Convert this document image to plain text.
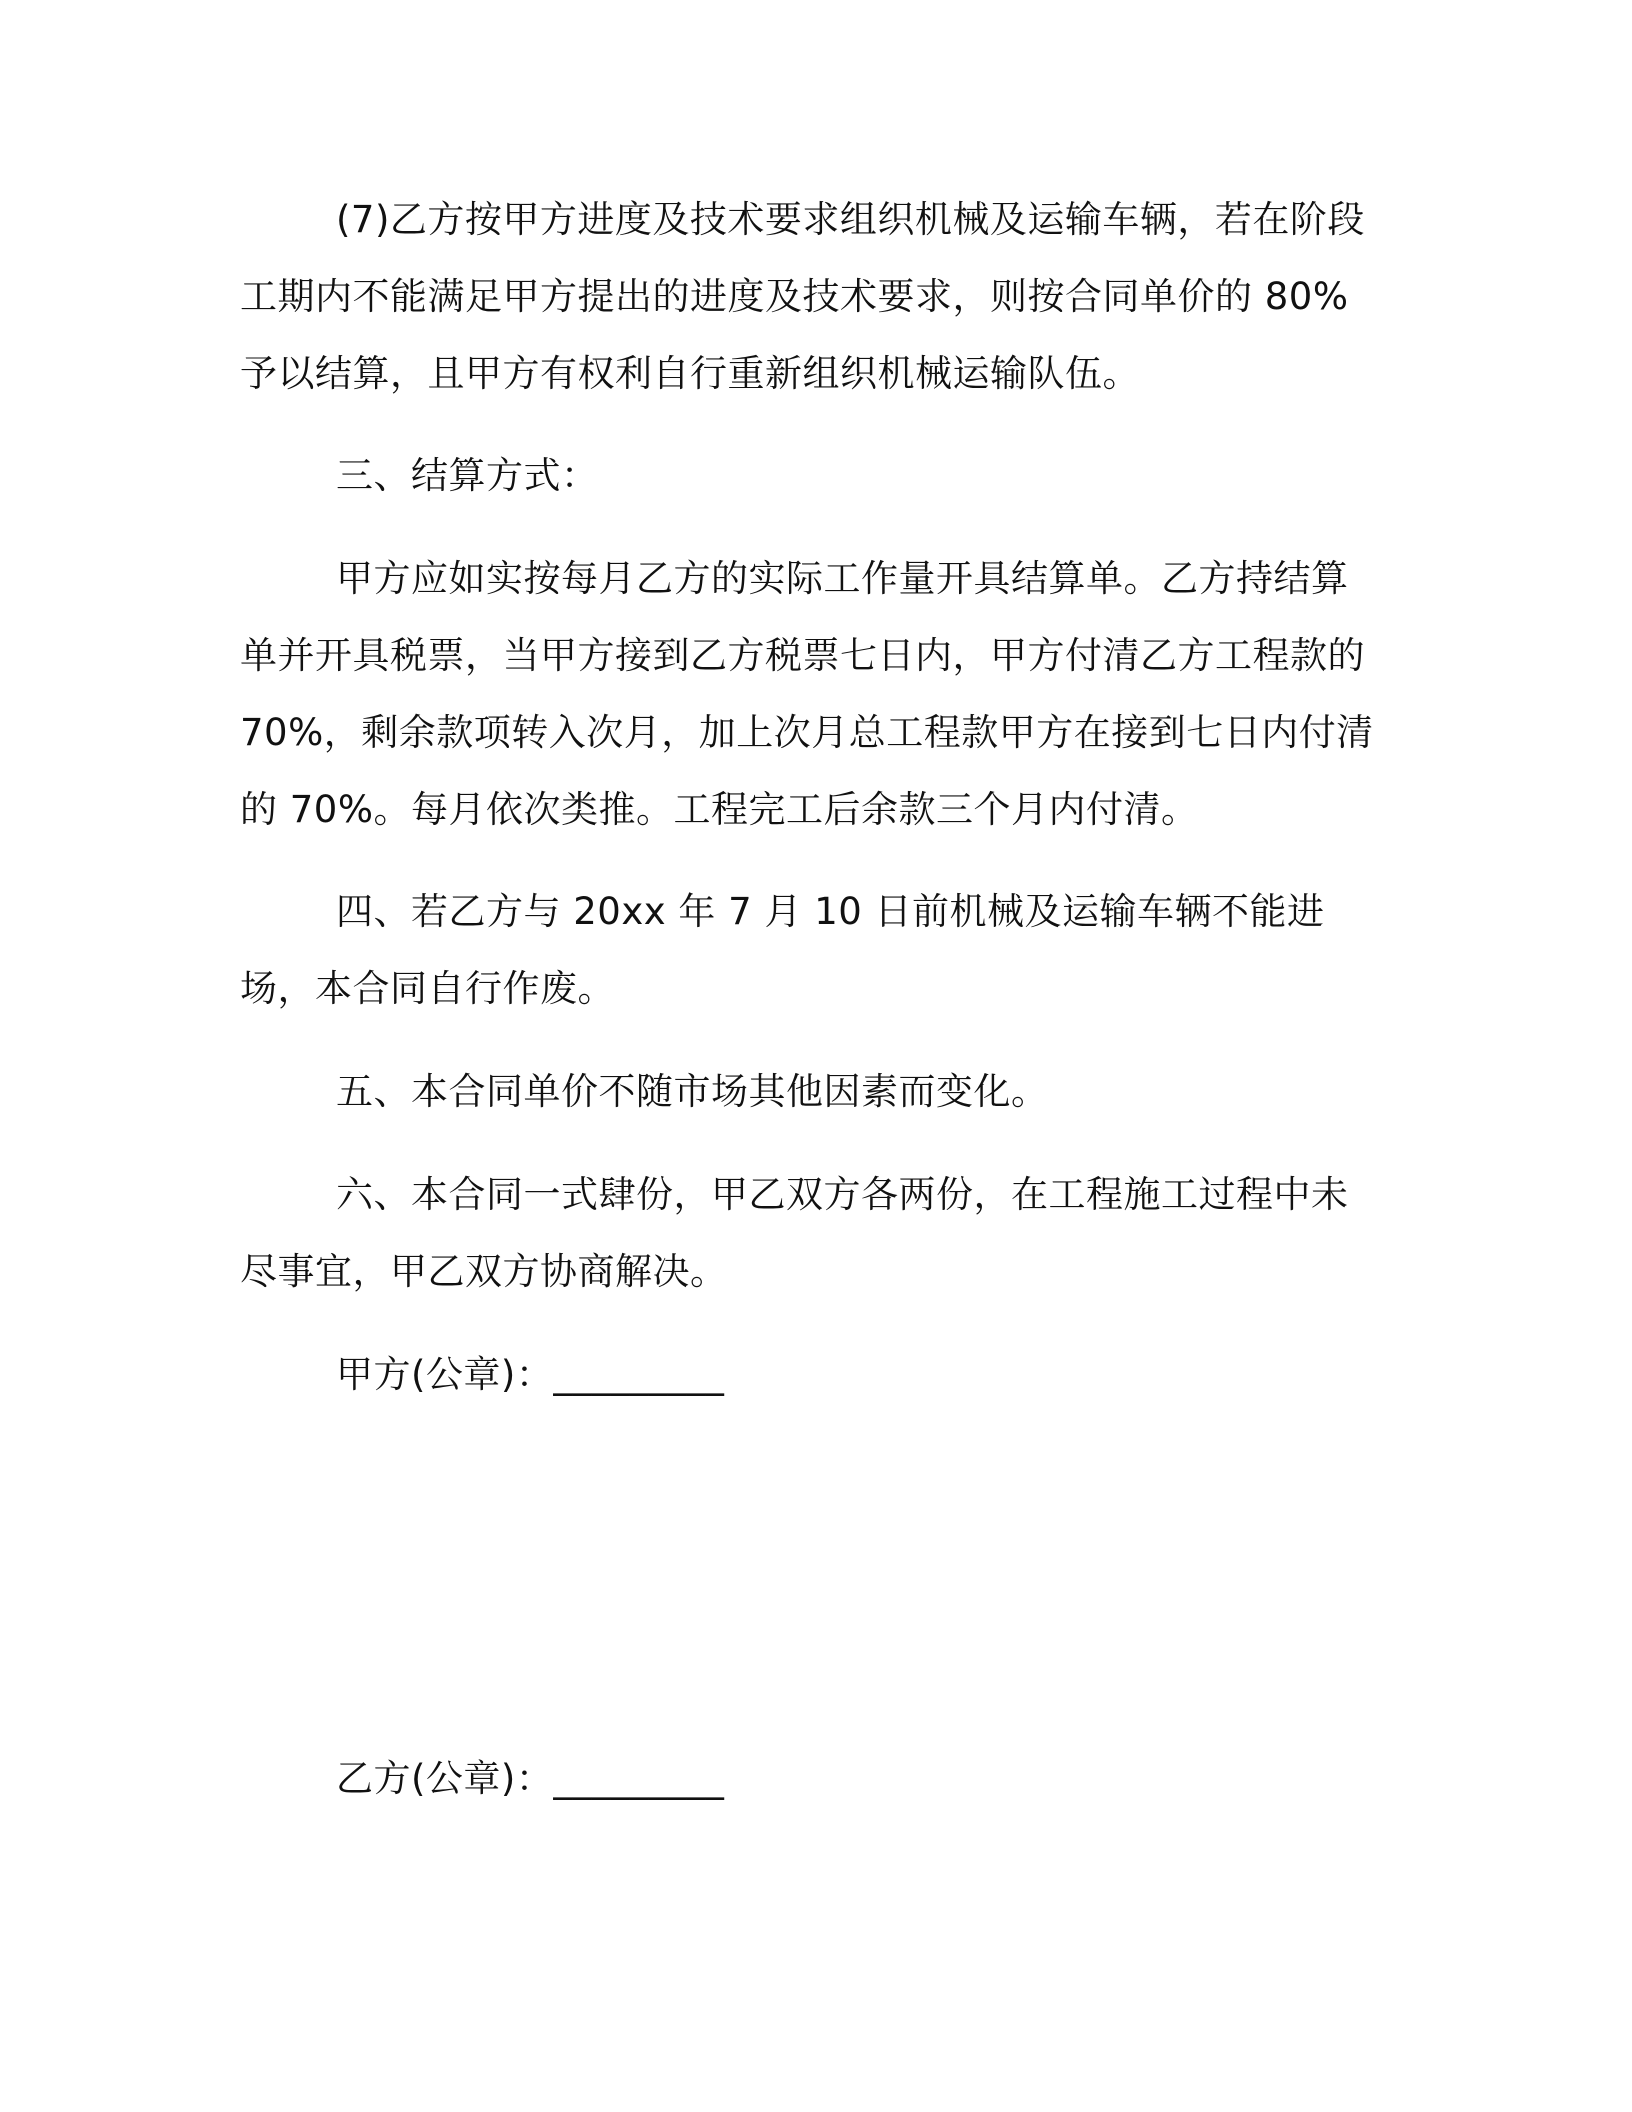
(7)乙方按甲方进度及技术要求组织机械及运输车辆，若在阶段工期内不能满足甲方提出的进度及技术要求，则按合同单价的 80%予以结算，且甲方有权利自行重新组织机械运输队伍。
三、结算方式：
甲方应如实按每月乙方的实际工作量开具结算单。乙方持结算单并开具税票，当甲方接到乙方税票七日内，甲方付清乙方工程款的 70%，剩余款项转入次月，加上次月总工程款甲方在接到七日内付清的 70%。每月依次类推。工程完工后余款三个月内付清。
四、若乙方与 20xx 年 7 月 10 日前机械及运输车辆不能进场，本合同自行作废。
五、本合同单价不随市场其他因素而变化。
六、本合同一式肆份，甲乙双方各两份，在工程施工过程中未尽事宜，甲乙双方协商解决。
甲方(公章)：_________
乙方(公章)：_________
